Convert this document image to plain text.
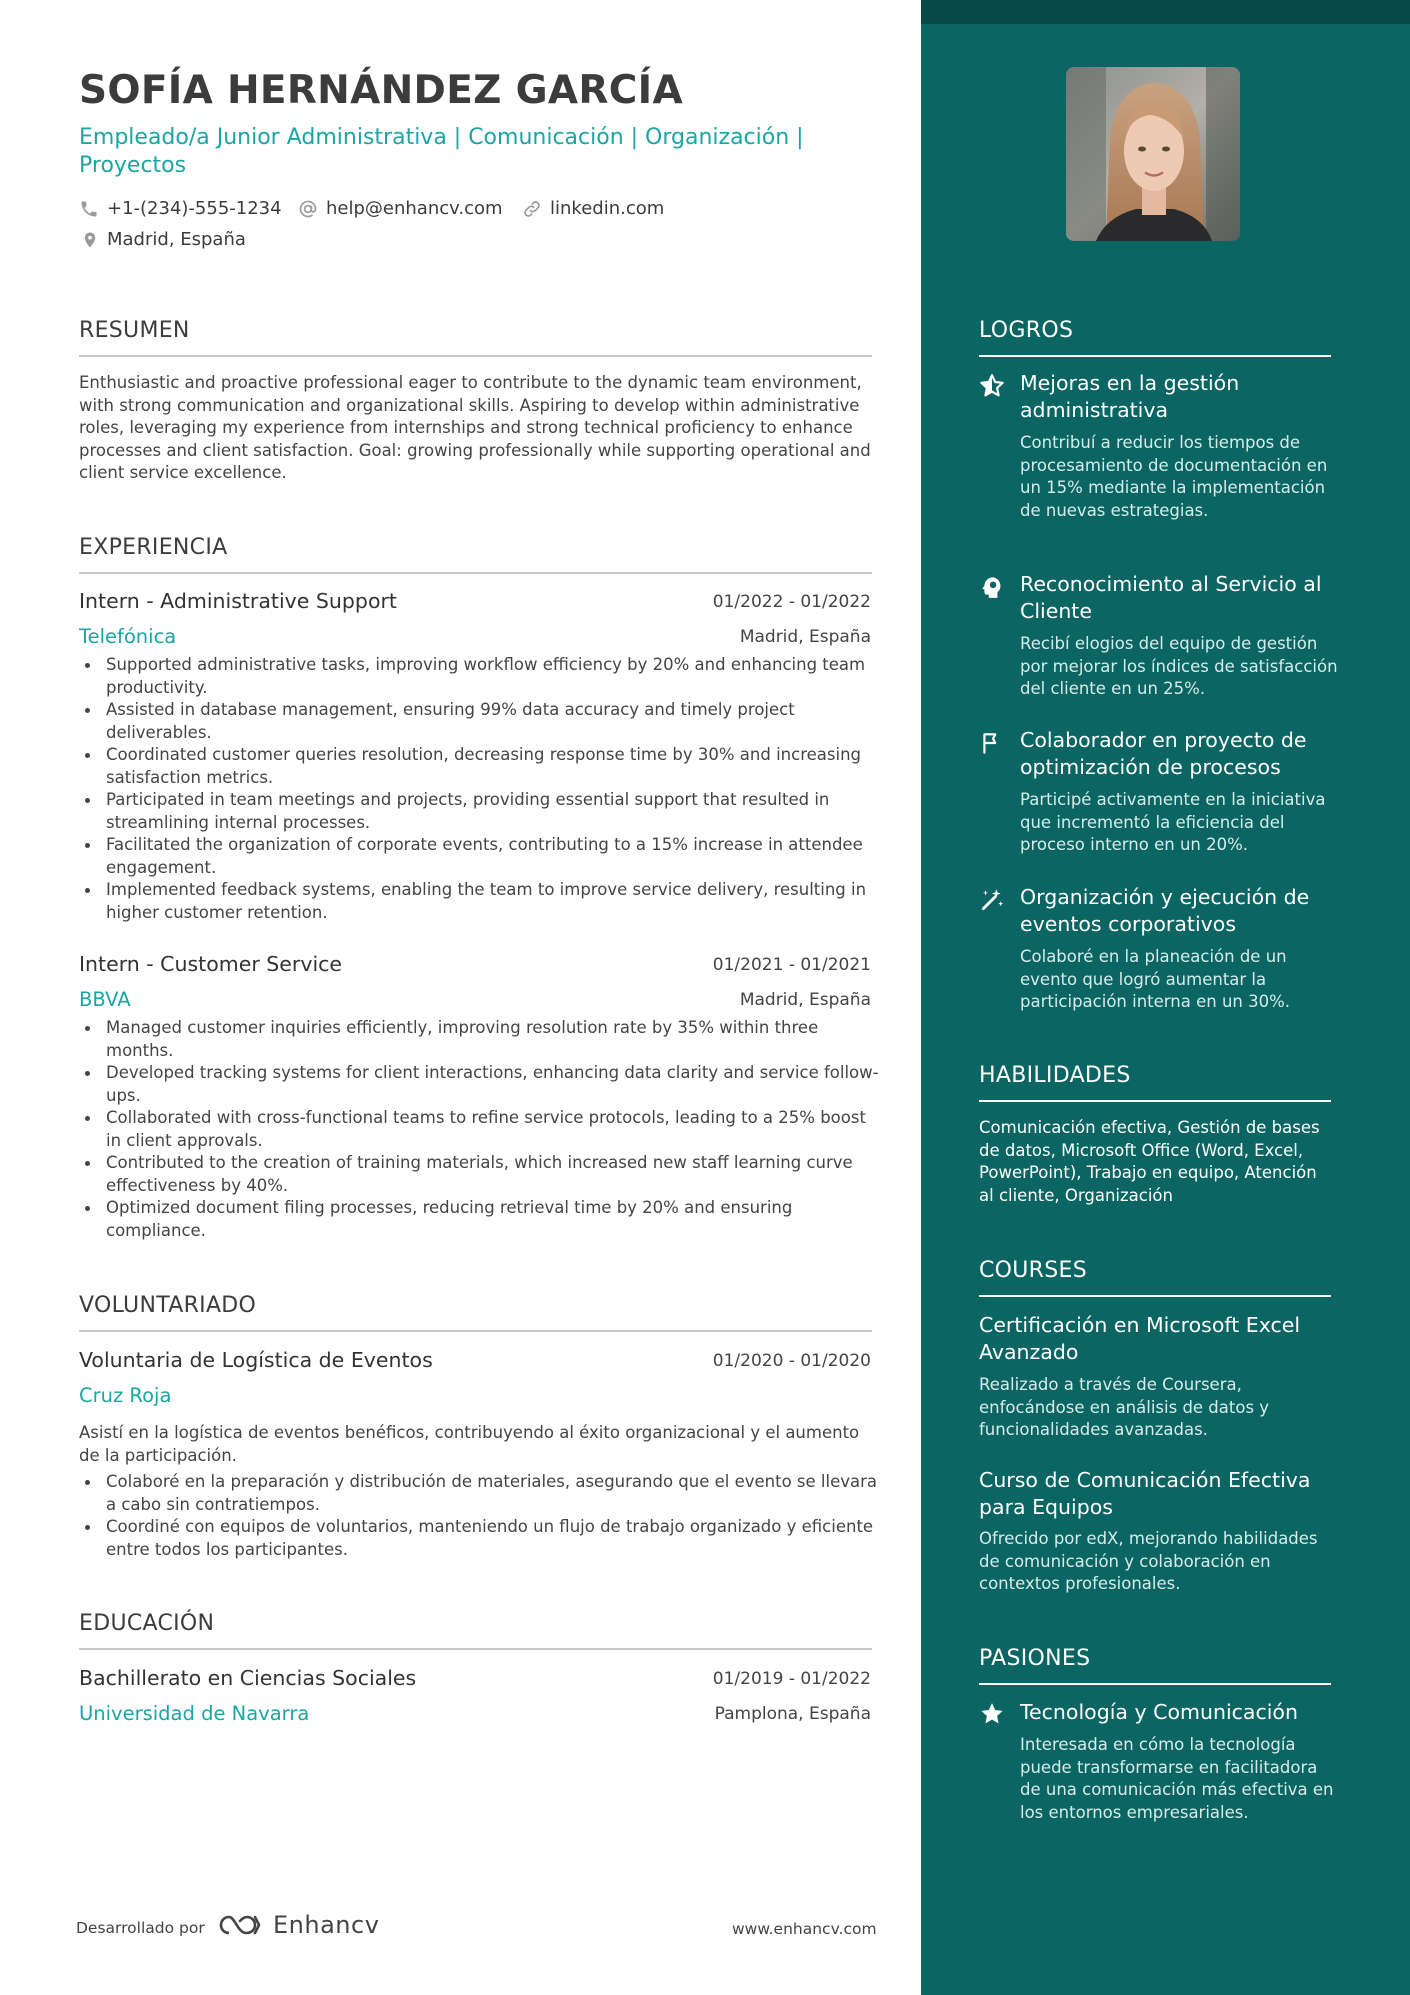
SOFÍA HERNÁNDEZ GARCÍA
Empleado/a Junior Administrativa | Comunicación | Organización | Proyectos
+1-(234)-555-1234 help@enhancv.com	linkedin.com
Madrid, España
RESUMEN
Enthusiastic and proactive professional eager to contribute to the dynamic team environment, with strong communication and organizational skills. Aspiring to develop within administrative roles, leveraging my experience from internships and strong technical proficiency to enhance processes and client satisfaction. Goal: growing professionally while supporting operational and client service excellence.
EXPERIENCIA
Intern - Administrative Support	01/2022 - 01/2022
Telefónica	Madrid, España
Supported administrative tasks, improving workflow efficiency by 20% and enhancing team productivity.
Assisted in database management, ensuring 99% data accuracy and timely project deliverables.
Coordinated customer queries resolution, decreasing response time by 30% and increasing satisfaction metrics.
Participated in team meetings and projects, providing essential support that resulted in streamlining internal processes.
Facilitated the organization of corporate events, contributing to a 15% increase in attendee engagement.
Implemented feedback systems, enabling the team to improve service delivery, resulting in higher customer retention.
Intern - Customer Service	01/2021 - 01/2021
BBVA	Madrid, España
Managed customer inquiries efficiently, improving resolution rate by 35% within three months.
Developed tracking systems for client interactions, enhancing data clarity and service follow-ups.
Collaborated with cross-functional teams to refine service protocols, leading to a 25% boost in client approvals.
Contributed to the creation of training materials, which increased new staff learning curve effectiveness by 40%.
Optimized document filing processes, reducing retrieval time by 20% and ensuring compliance.
VOLUNTARIADO
Voluntaria de Logística de Eventos	01/2020 - 01/2020
Cruz Roja
Asistí en la logística de eventos benéficos, contribuyendo al éxito organizacional y el aumento de la participación.
Colaboré en la preparación y distribución de materiales, asegurando que el evento se llevara a cabo sin contratiempos.
Coordiné con equipos de voluntarios, manteniendo un flujo de trabajo organizado y eficiente entre todos los participantes.
EDUCACIÓN
Bachillerato en Ciencias Sociales	01/2019 - 01/2022
Universidad de Navarra	Pamplona, España
Desarrollado por	Enhancv	www.enhancv.com
LOGROS
Mejoras en la gestión administrativa
Contribuí a reducir los tiempos de procesamiento de documentación en un 15% mediante la implementación de nuevas estrategias.
Reconocimiento al Servicio al Cliente
Recibí elogios del equipo de gestión por mejorar los índices de satisfacción del cliente en un 25%.
Colaborador en proyecto de optimización de procesos
Participé activamente en la iniciativa que incrementó la eficiencia del proceso interno en un 20%.
Organización y ejecución de eventos corporativos
Colaboré en la planeación de un evento que logró aumentar la participación interna en un 30%.
HABILIDADES
Comunicación efectiva, Gestión de bases de datos, Microsoft Office (Word, Excel, PowerPoint), Trabajo en equipo, Atención al cliente, Organización
COURSES
Certificación en Microsoft Excel Avanzado
Realizado a través de Coursera, enfocándose en análisis de datos y funcionalidades avanzadas.
Curso de Comunicación Efectiva para Equipos
Ofrecido por edX, mejorando habilidades de comunicación y colaboración en contextos profesionales.
PASIONES
Tecnología y Comunicación
Interesada en cómo la tecnología puede transformarse en facilitadora de una comunicación más efectiva en los entornos empresariales.
